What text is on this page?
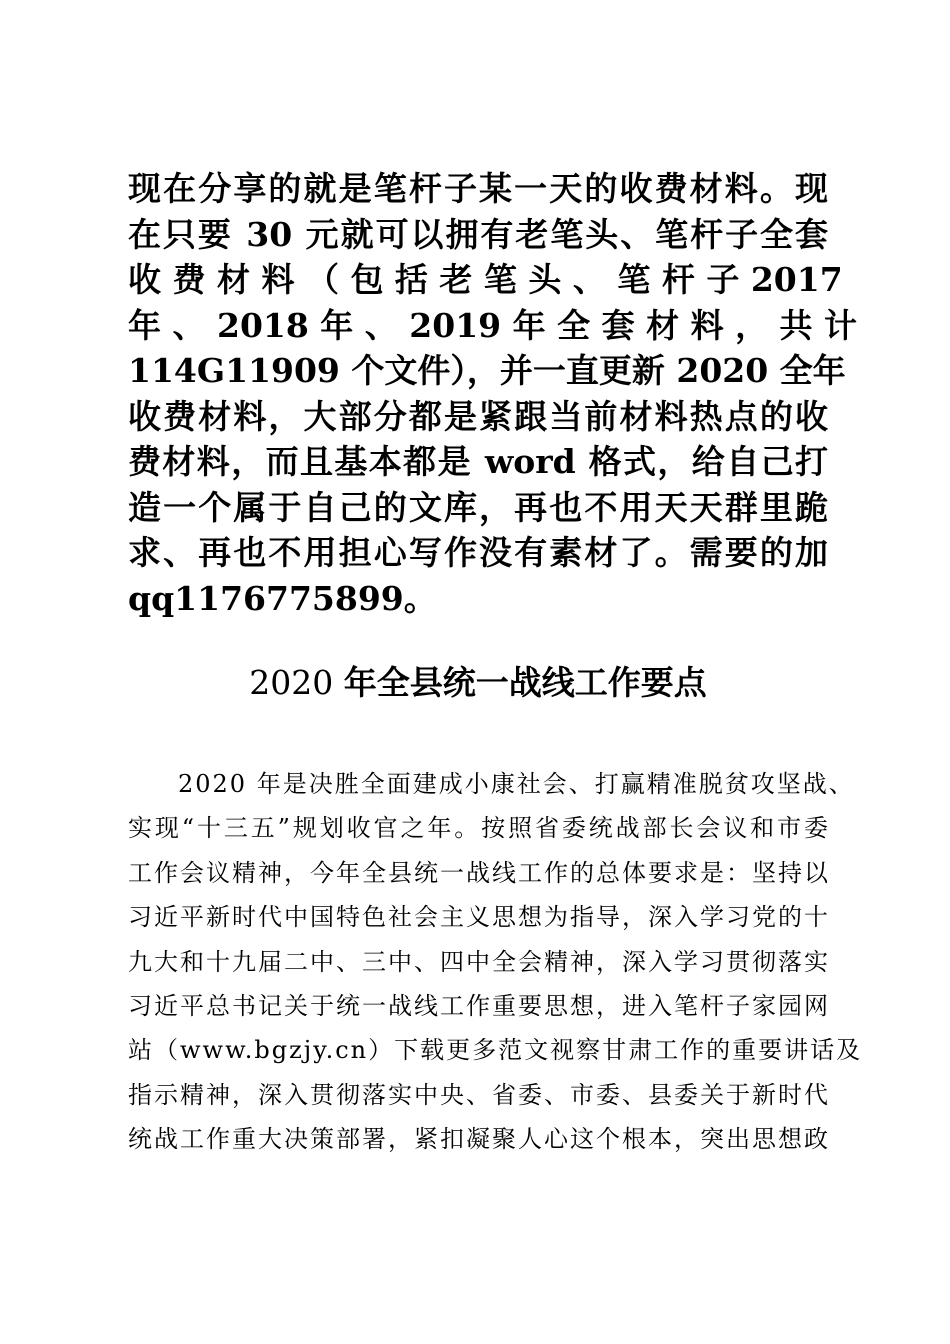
现在分享的就是笔杆子某一天的收费材料。现
在只要 30 元就可以拥有老笔头、笔杆子全套
收 费 材 料 （ 包 括 老 笔 头 、 笔 杆 子 2017
年 、 2018 年 、 2019 年 全 套 材 料 ， 共 计
114G11909 个文件），并一直更新 2020 全年
收费材料，大部分都是紧跟当前材料热点的收
费材料，而且基本都是 word 格式，给自己打
造一个属于自己的文库，再也不用天天群里跪
求、再也不用担心写作没有素材了。需要的加
qq1176775899。
2020 年全县统一战线工作要点
2020 年是决胜全面建成小康社会、打赢精准脱贫攻坚战、
实现“十三五”规划收官之年。按照省委统战部长会议和市委
工作会议精神，今年全县统一战线工作的总体要求是：坚持以
习近平新时代中国特色社会主义思想为指导，深入学习党的十
九大和十九届二中、三中、四中全会精神，深入学习贯彻落实
习近平总书记关于统一战线工作重要思想，进入笔杆子家园网
站（www.bgzjy.cn）下载更多范文视察甘肃工作的重要讲话及
指示精神，深入贯彻落实中央、省委、市委、县委关于新时代
统战工作重大决策部署，紧扣凝聚人心这个根本，突出思想政
